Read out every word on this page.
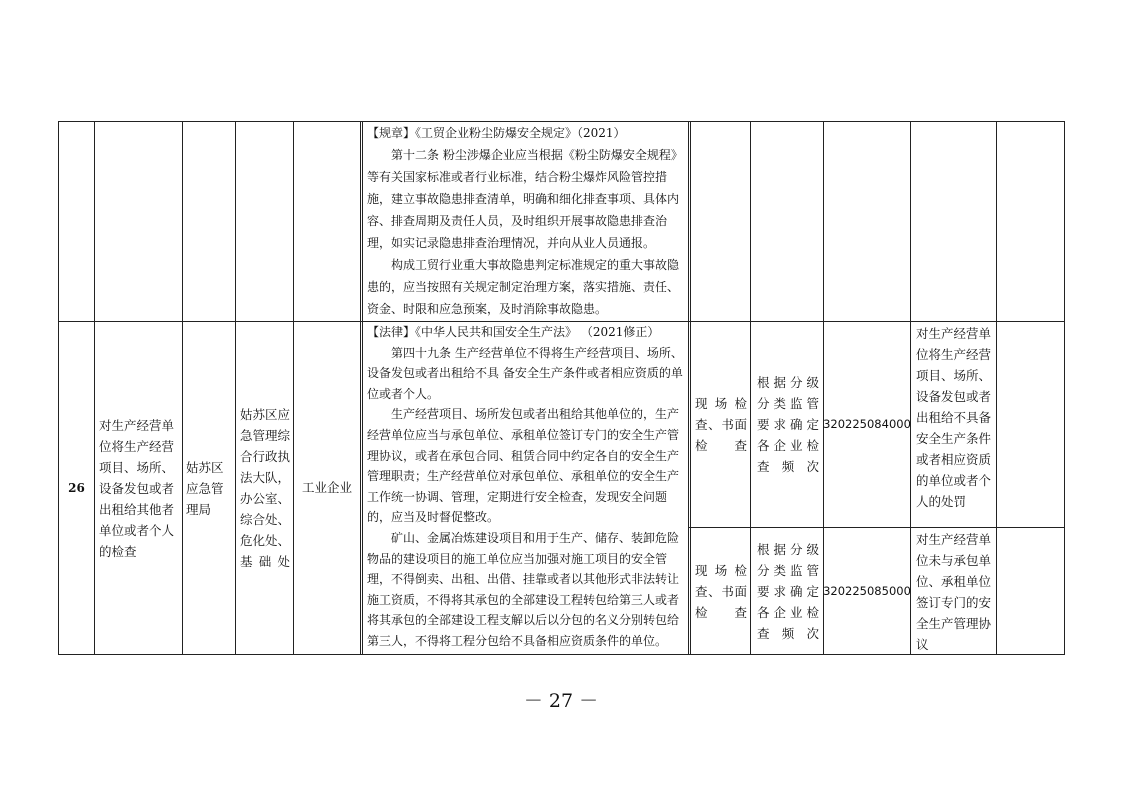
【规章】《工贸企业粉尘防爆安全规定》（2021）

第十二条 粉尘涉爆企业应当根据《粉尘防爆安全规程》等有关国家标准或者行业标准，结合粉尘爆炸风险管控措施，建立事故隐患排查清单，明确和细化排查事项、具体内容、排查周期及责任人员，及时组织开展事故隐患排查治理，如实记录隐患排查治理情况，并向从业人员通报。

构成工贸行业重大事故隐患判定标准规定的重大事故隐患的，应当按照有关规定制定治理方案，落实措施、责任、资金、时限和应急预案，及时消除事故隐患。

26
对生产经营单位将生产经营项目、场所、设备发包或者出租给其他者单位或者个人的检查
姑苏区应急管理局
姑苏区应急管理综合行政执法大队，办公室、综合处、危化处、基础处
工业企业

【法律】《中华人民共和国安全生产法》 （2021修正）

第四十九条 生产经营单位不得将生产经营项目、场所、设备发包或者出租给不具 备安全生产条件或者相应资质的单位或者个人。

生产经营项目、场所发包或者出租给其他单位的，生产经营单位应当与承包单位、承租单位签订专门的安全生产管理协议，或者在承包合同、租赁合同中约定各自的安全生产管理职责；生产经营单位对承包单位、承租单位的安全生产工作统一协调、管理，定期进行安全检查，发现安全问题的，应当及时督促整改。

矿山、金属冶炼建设项目和用于生产、储存、装卸危险物品的建设项目的施工单位应当加强对施工项目的安全管理，不得倒卖、出租、出借、挂靠或者以其他形式非法转让施工资质，不得将其承包的全部建设工程转包给第三人或者将其承包的全部建设工程支解以后以分包的名义分别转包给第三人，不得将工程分包给不具备相应资质条件的单位。

现场检查、书面检查
根据分级分类监管要求确定各企业检查频次
320225084000
对生产经营单位将生产经营项目、场所、设备发包或者出租给不具备安全生产条件或者相应资质的单位或者个人的处罚
现场检查、书面检查
根据分级分类监管要求确定各企业检查频次
320225085000
对生产经营单位未与承包单位、承租单位签订专门的安全生产管理协议
－ 27 －
